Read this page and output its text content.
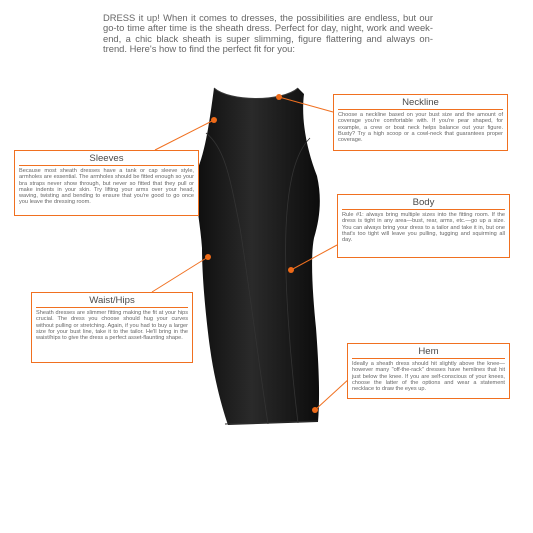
DRESS it up! When it comes to dresses, the possibilities are endless, but our go-to time after time is the sheath dress. Perfect for day, night, work and week-end, a chic black sheath is super slimming, figure flattering and always on-trend. Here's how to find the perfect fit for you:

Neckline

Choose a neckline based on your bust size and the amount of coverage you're comfortable with. If you're pear shaped, for example, a crew or boat neck helps balance out your figure. Busty? Try a high scoop or a cowl-neck that guarantees proper coverage.

Sleeves

Because most sheath dresses have a tank or cap sleeve style, armholes are essential. The armholes should be fitted enough so your bra straps never show through, but never so fitted that they pull or make indents in your skin. Try lifting your arms over your head, waving, twisting and bending to ensure that you're good to go once you leave the dressing room.	Body

Rule #1: always bring multiple sizes into the fitting room. If the dress is tight in any area—bust, rear, arms, etc.—go up a size. You can always bring your dress to a tailor and take it in, but one that's too tight will leave you pulling, tugging and squirming all day.

Waist/Hips

Sheath dresses are slimmer fitting making the fit at your hips crucial. The dress you choose should hug your curves without pulling or stretching. Again, if you had to buy a larger size for your bust line, take it to the tailor. He'll bring in the waist/hips to give the dress a perfect asset-flaunting shape.

Hem

Ideally a sheath dress should hit slightly above the knee—however many "off-the-rack" dresses have hemlines that hit just below the knee. If you are self-conscious of your knees, choose the latter of the options and wear a statement necklace to draw the eyes up.
